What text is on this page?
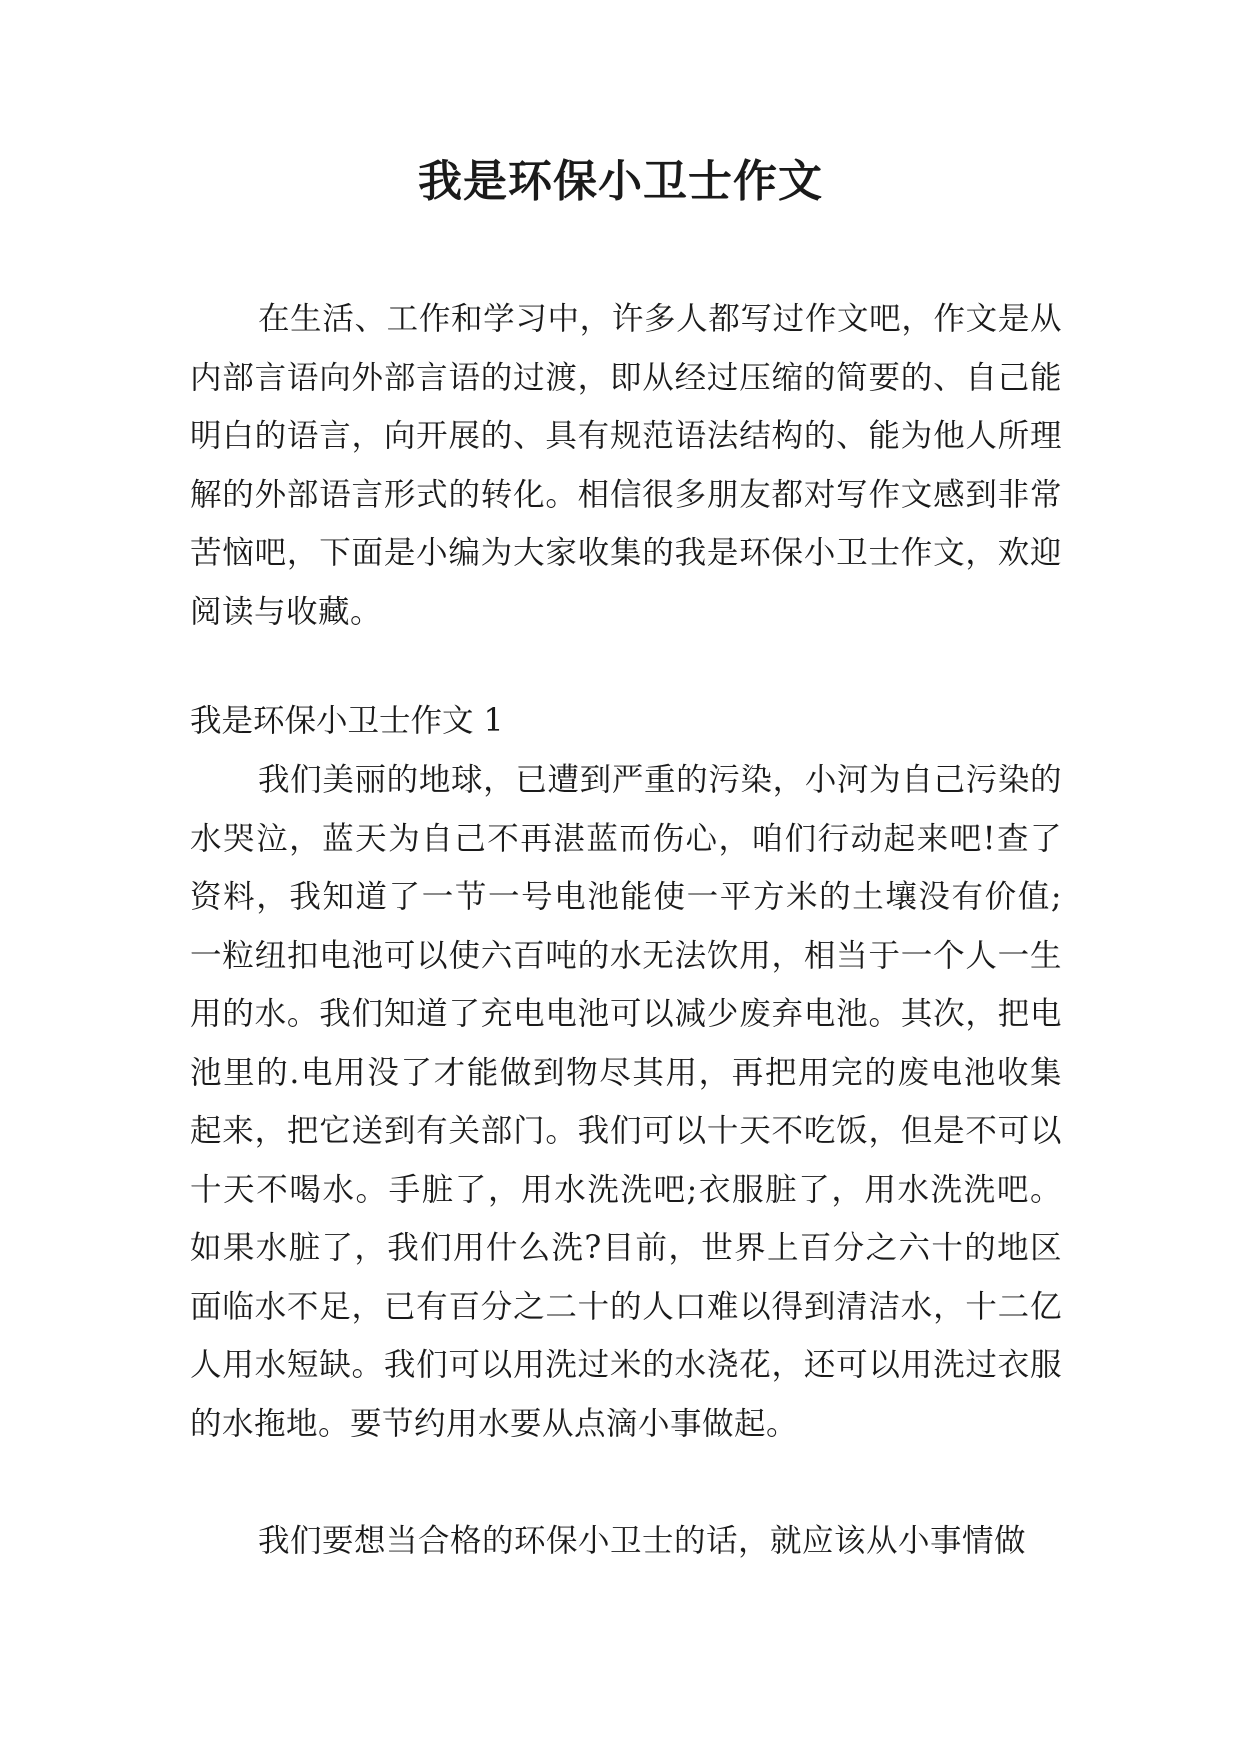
我是环保小卫士作文

在生活、工作和学习中，许多人都写过作文吧，作文是从内部言语向外部言语的过渡，即从经过压缩的简要的、自己能明白的语言，向开展的、具有规范语法结构的、能为他人所理解的外部语言形式的转化。相信很多朋友都对写作文感到非常苦恼吧，下面是小编为大家收集的我是环保小卫士作文，欢迎阅读与收藏。

我是环保小卫士作文 1

我们美丽的地球，已遭到严重的污染，小河为自己污染的水哭泣，蓝天为自己不再湛蓝而伤心，咱们行动起来吧!查了资料，我知道了一节一号电池能使一平方米的土壤没有价值;一粒纽扣电池可以使六百吨的水无法饮用，相当于一个人一生用的水。我们知道了充电电池可以减少废弃电池。其次，把电池里的.电用没了才能做到物尽其用，再把用完的废电池收集起来，把它送到有关部门。我们可以十天不吃饭，但是不可以十天不喝水。手脏了，用水洗洗吧;衣服脏了，用水洗洗吧。如果水脏了，我们用什么洗?目前，世界上百分之六十的地区面临水不足，已有百分之二十的人口难以得到清洁水，十二亿人用水短缺。我们可以用洗过米的水浇花，还可以用洗过衣服的水拖地。要节约用水要从点滴小事做起。

我们要想当合格的环保小卫士的话，就应该从小事情做
